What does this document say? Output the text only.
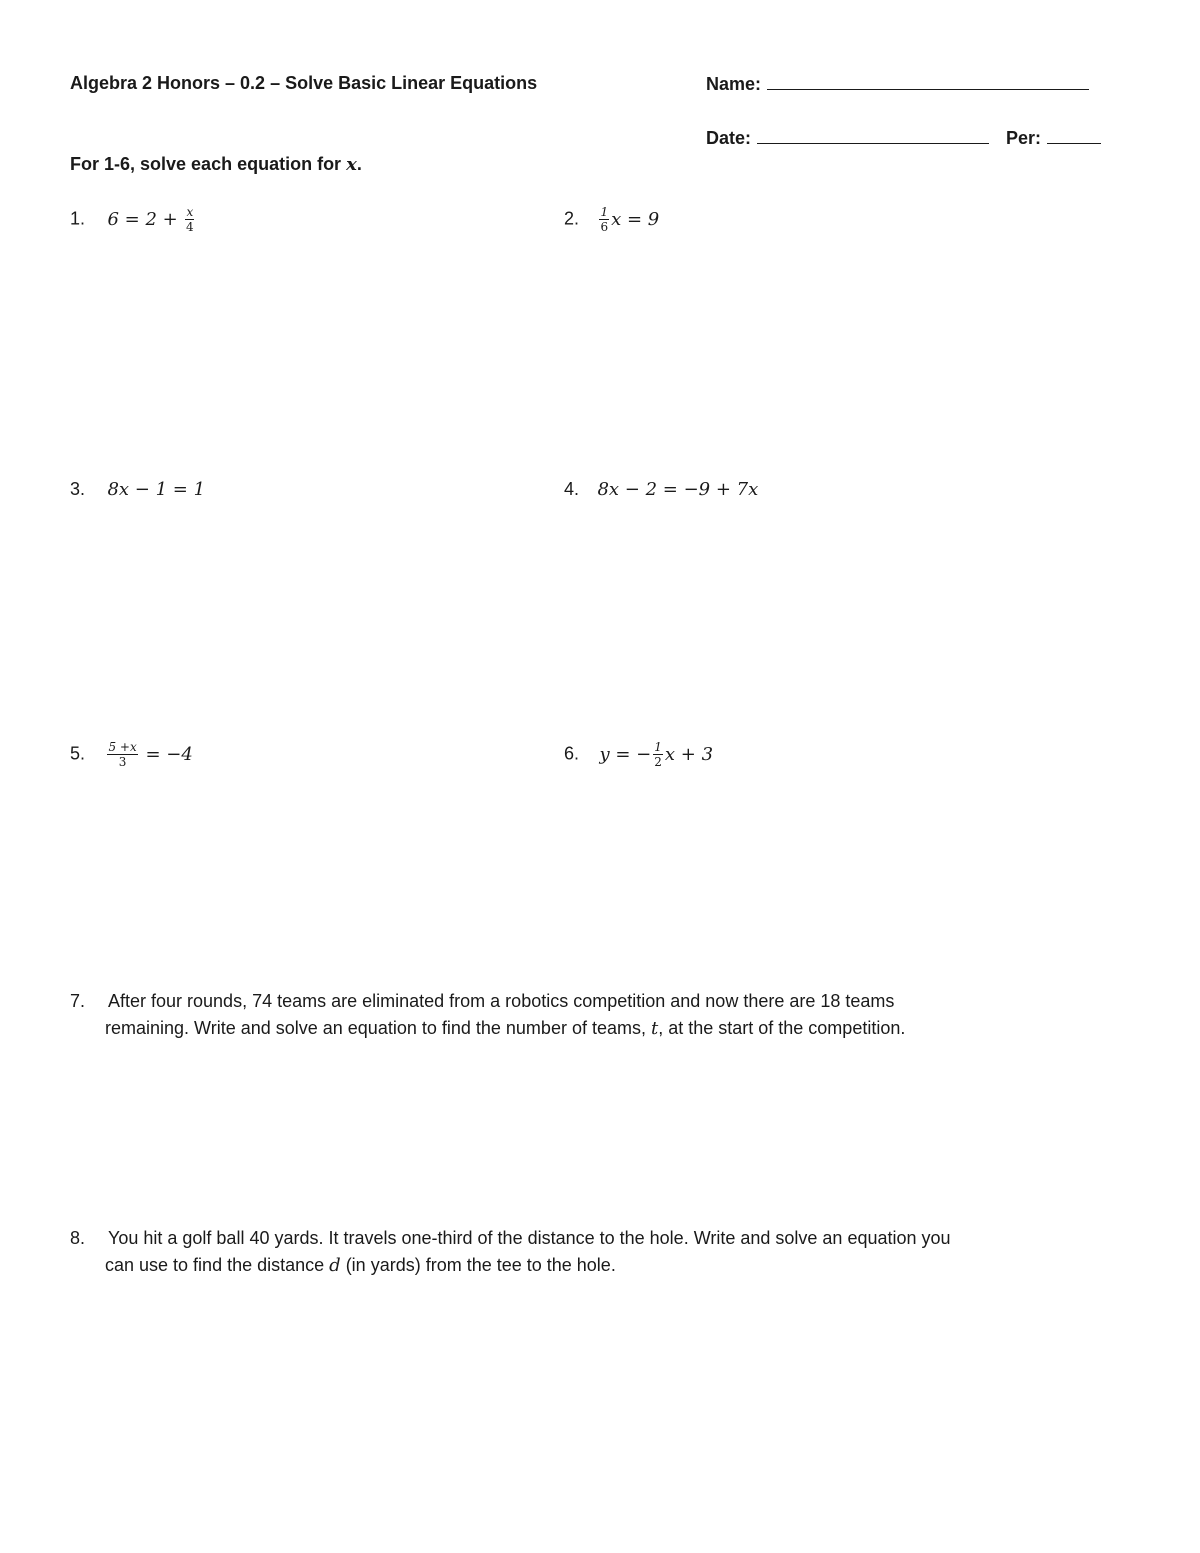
Algebra 2 Honors – 0.2 – Solve Basic Linear Equations	Name:
Date:	Per:
For 1-6, solve each equation for x.
1. $6 = 2 + \frac{x}{4}$	2. $\frac{1}{6}$ x = 9
3. 8x − 1 = 1	4. 8x − 2 = −9 + 7x
5. $\frac{5 +x}{3} = -4$	6. y = − $\frac{1}{2}$ x + 3
7. After four rounds, 74 teams are eliminated from a robotics competition and now there are 18 teams
remaining. Write and solve an equation to find the number of teams, t, at the start of the competition.
8. You hit a golf ball 40 yards. It travels one-third of the distance to the hole. Write and solve an equation you
can use to find the distance d (in yards) from the tee to the hole.
